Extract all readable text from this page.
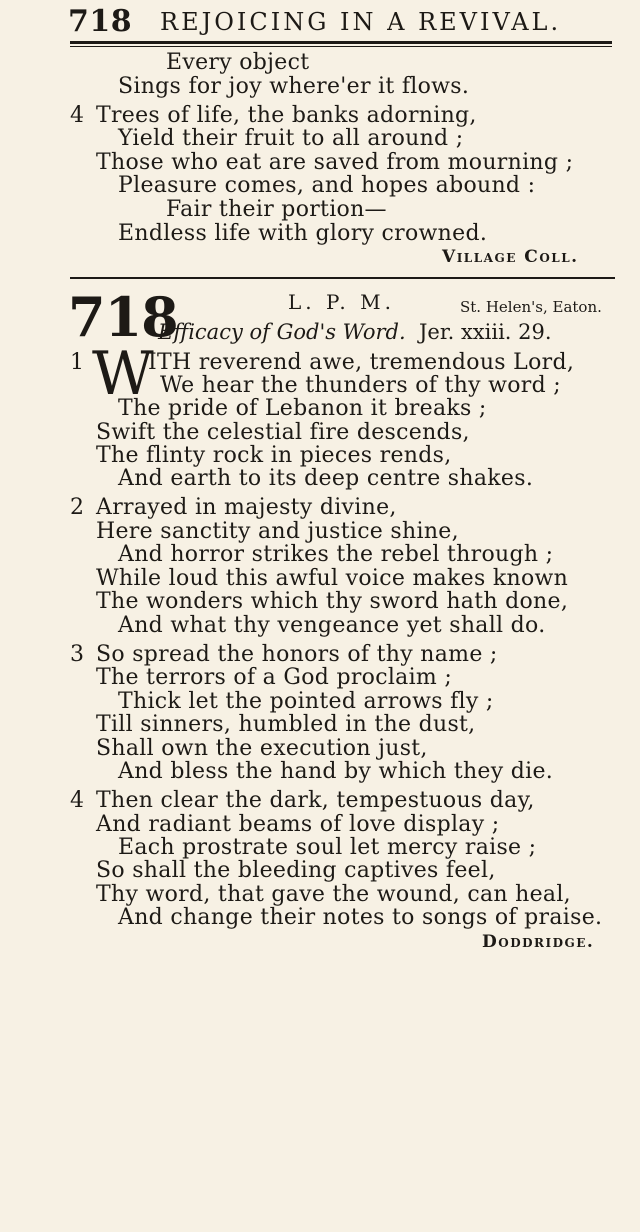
718 REJOICING IN A REVIVAL.
Every object
Sings for joy where'er it flows.
4 Trees of life, the banks adorning,
Yield their fruit to all around ;
Those who eat are saved from mourning ;
Pleasure comes, and hopes abound :
Fair their portion—
Endless life with glory crowned.
Village Coll.
718	L. P. M.	St. Helen's, Eaton.
Efficacy of God's Word. Jer. xxiii. 29.
1 W
ITH reverend awe, tremendous Lord,
We hear the thunders of thy word ;
The pride of Lebanon it breaks ;
Swift the celestial fire descends,
The flinty rock in pieces rends,
And earth to its deep centre shakes.
2 Arrayed in majesty divine,
Here sanctity and justice shine,
And horror strikes the rebel through ;
While loud this awful voice makes known
The wonders which thy sword hath done,
And what thy vengeance yet shall do.
3 So spread the honors of thy name ;
The terrors of a God proclaim ;
Thick let the pointed arrows fly ;
Till sinners, humbled in the dust,
Shall own the execution just,
And bless the hand by which they die.
4 Then clear the dark, tempestuous day,
And radiant beams of love display ;
Each prostrate soul let mercy raise ;
So shall the bleeding captives feel,
Thy word, that gave the wound, can heal,
And change their notes to songs of praise.
Doddridge.
